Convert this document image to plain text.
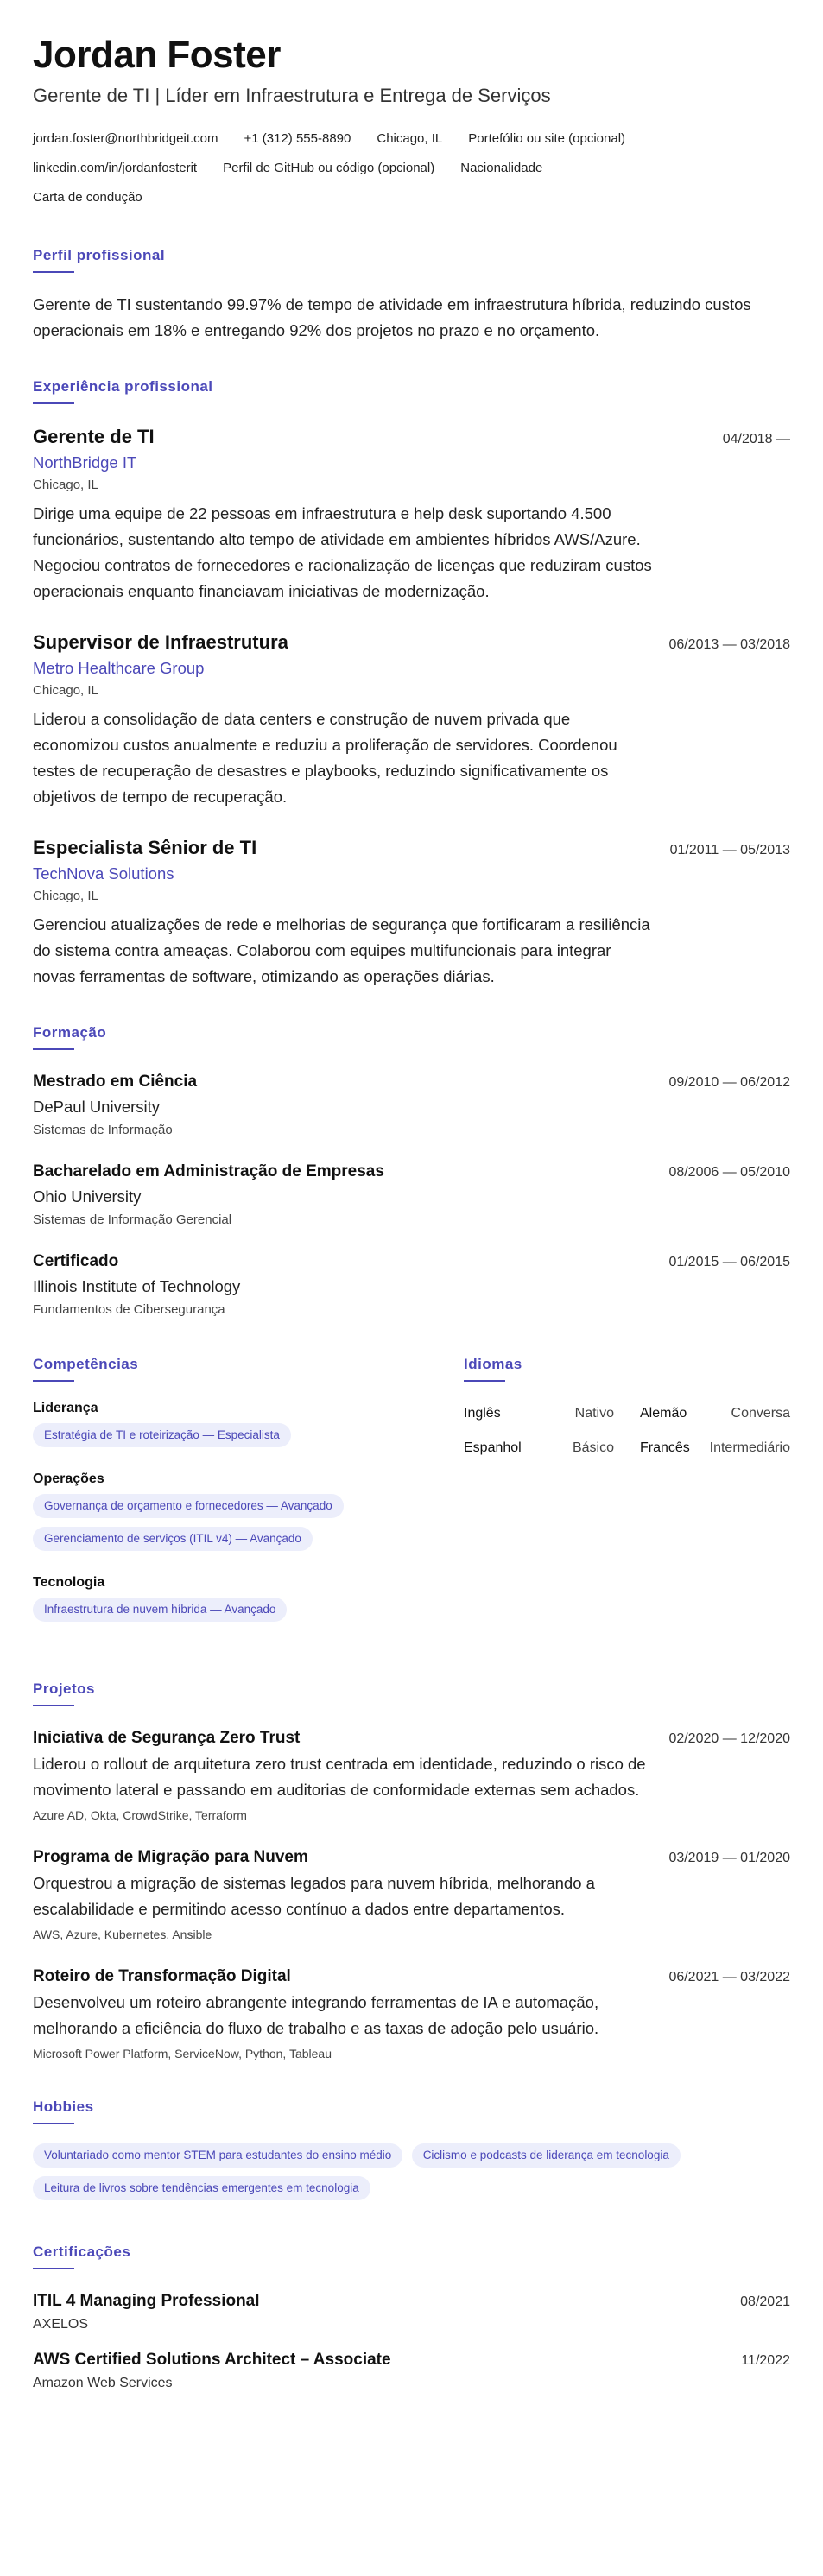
Jordan Foster
Gerente de TI | Líder em Infraestrutura e Entrega de Serviços
jordan.foster@northbridgeit.com +1 (312) 555-8890 Chicago, IL Portefólio ou site (opcional)
linkedin.com/in/jordanfosterit Perfil de GitHub ou código (opcional) Nacionalidade
Carta de condução
Perfil profissional
Gerente de TI sustentando 99.97% de tempo de atividade em infraestrutura híbrida, reduzindo custos operacionais em 18% e entregando 92% dos projetos no prazo e no orçamento.
Experiência profissional
Gerente de TI	04/2018 —
NorthBridge IT
Chicago, IL
Dirige uma equipe de 22 pessoas em infraestrutura e help desk suportando 4.500 funcionários, sustentando alto tempo de atividade em ambientes híbridos AWS/Azure. Negociou contratos de fornecedores e racionalização de licenças que reduziram custos operacionais enquanto financiavam iniciativas de modernização.
Supervisor de Infraestrutura	06/2013 — 03/2018
Metro Healthcare Group
Chicago, IL
Liderou a consolidação de data centers e construção de nuvem privada que economizou custos anualmente e reduziu a proliferação de servidores. Coordenou testes de recuperação de desastres e playbooks, reduzindo significativamente os objetivos de tempo de recuperação.
Especialista Sênior de TI	01/2011 — 05/2013
TechNova Solutions
Chicago, IL
Gerenciou atualizações de rede e melhorias de segurança que fortificaram a resiliência do sistema contra ameaças. Colaborou com equipes multifuncionais para integrar novas ferramentas de software, otimizando as operações diárias.
Formação
Mestrado em Ciência	09/2010 — 06/2012
DePaul University
Sistemas de Informação
Bacharelado em Administração de Empresas	08/2006 — 05/2010
Ohio University
Sistemas de Informação Gerencial
Certificado	01/2015 — 06/2015
Illinois Institute of Technology
Fundamentos de Cibersegurança
Competências
Liderança
Estratégia de TI e roteirização — Especialista
Operações
Governança de orçamento e fornecedores — Avançado
Gerenciamento de serviços (ITIL v4) — Avançado
Tecnologia
Infraestrutura de nuvem híbrida — Avançado
Idiomas
Inglês	Nativo Alemão	Conversa
Espanhol	Básico Francês Intermediário
Projetos
Iniciativa de Segurança Zero Trust	02/2020 — 12/2020
Liderou o rollout de arquitetura zero trust centrada em identidade, reduzindo o risco de movimento lateral e passando em auditorias de conformidade externas sem achados.
Azure AD, Okta, CrowdStrike, Terraform
Programa de Migração para Nuvem	03/2019 — 01/2020
Orquestrou a migração de sistemas legados para nuvem híbrida, melhorando a escalabilidade e permitindo acesso contínuo a dados entre departamentos.
AWS, Azure, Kubernetes, Ansible
Roteiro de Transformação Digital	06/2021 — 03/2022
Desenvolveu um roteiro abrangente integrando ferramentas de IA e automação, melhorando a eficiência do fluxo de trabalho e as taxas de adoção pelo usuário.
Microsoft Power Platform, ServiceNow, Python, Tableau
Hobbies
Voluntariado como mentor STEM para estudantes do ensino médio	Ciclismo e podcasts de liderança em tecnologia Leitura de livros sobre tendências emergentes em tecnologia
Certificações
ITIL 4 Managing Professional	08/2021
AXELOS
AWS Certified Solutions Architect – Associate	11/2022
Amazon Web Services
